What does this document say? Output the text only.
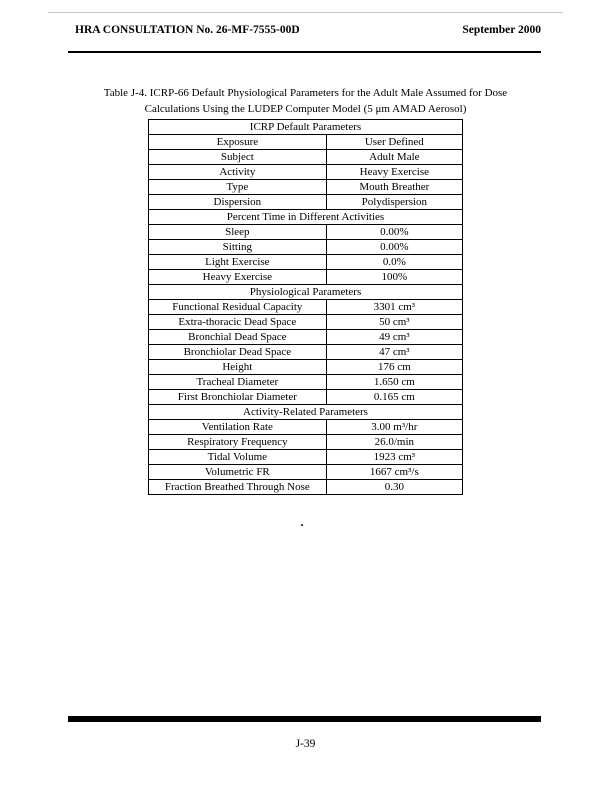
HRA CONSULTATION No. 26-MF-7555-00D	September 2000
Table J-4. ICRP-66 Default Physiological Parameters for the Adult Male Assumed for Dose
Calculations Using the LUDEP Computer Model (5 μm AMAD Aerosol)
ICRP Default Parameters	
Exposure	User Defined
Subject	Adult Male
Activity	Heavy Exercise
Type	Mouth Breather
Dispersion	Polydispersion
Percent Time in Different Activities	
Sleep	0.00%
Sitting	0.00%
Light Exercise	0.0%
Heavy Exercise	100%
Physiological Parameters	
Functional Residual Capacity	3301 cm³
Extra-thoracic Dead Space	50 cm³
Bronchial Dead Space	49 cm³
Bronchiolar Dead Space	47 cm³
Height	176 cm
Tracheal Diameter	1.650 cm
First Bronchiolar Diameter	0.165 cm
Activity-Related Parameters	
Ventilation Rate	3.00 m³/hr
Respiratory Frequency	26.0/min
Tidal Volume	1923 cm³
Volumetric FR	1667 cm³/s
Fraction Breathed Through Nose	0.30
J-39
